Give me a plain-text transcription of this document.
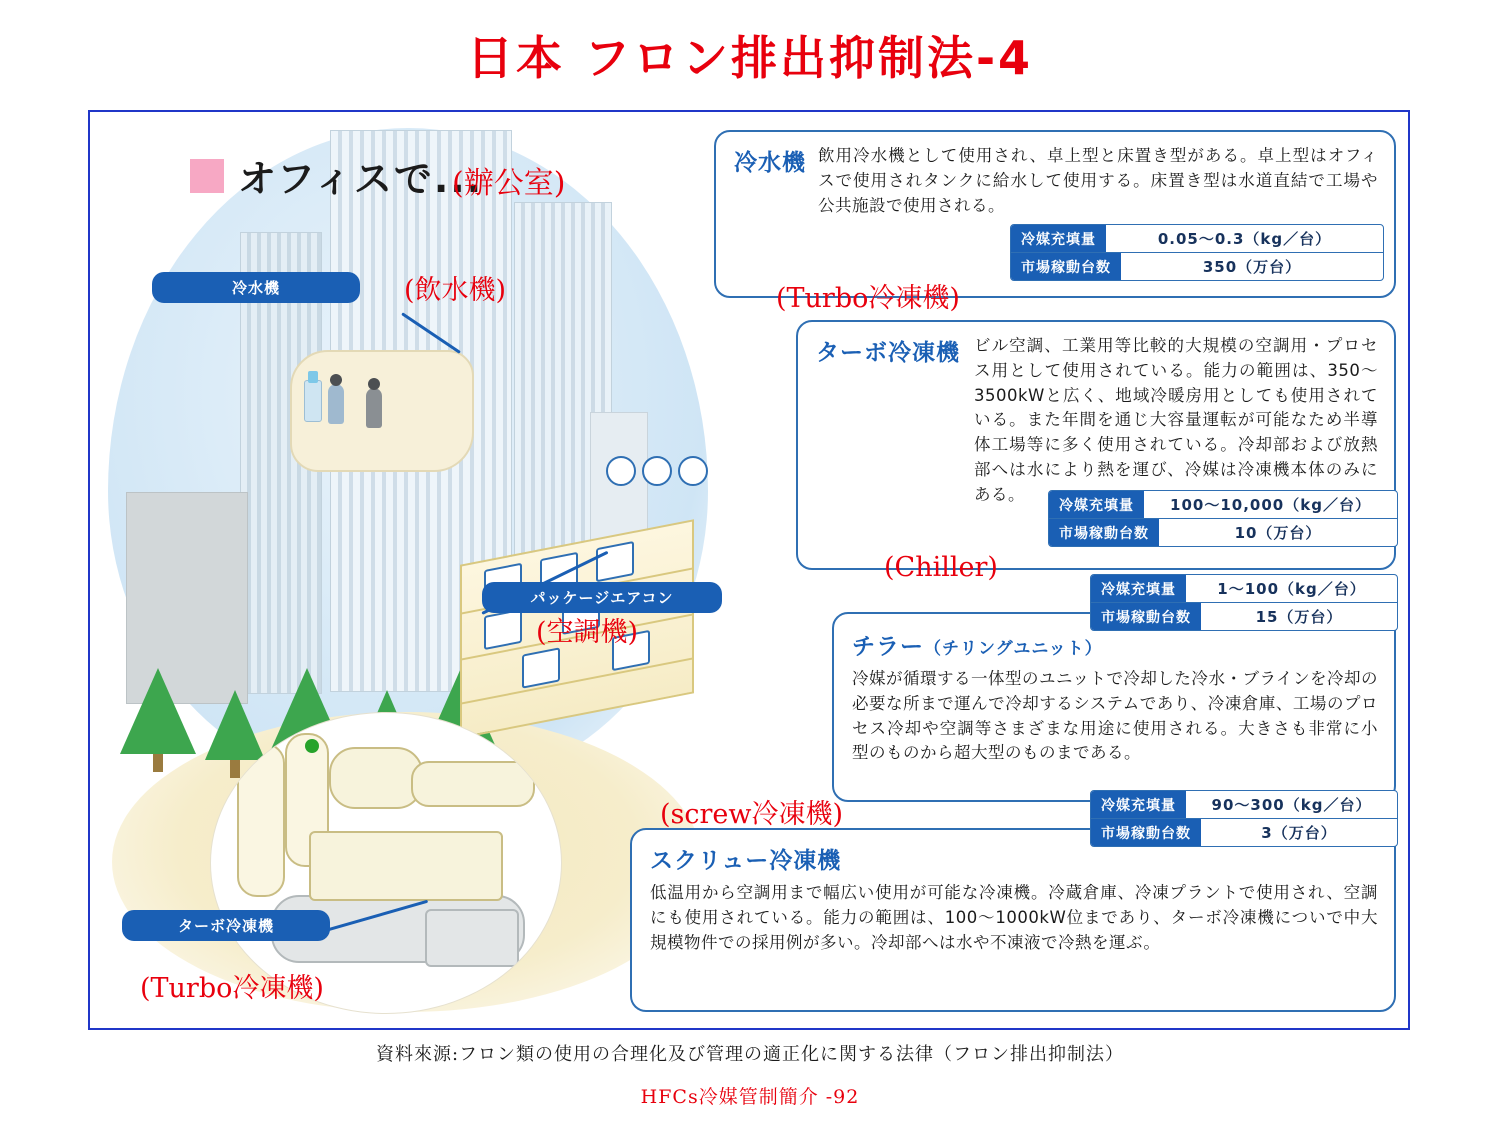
日本 フロン排出抑制法-4
オフィスで...
冷水機
パッケージエアコン
ターボ冷凍機
冷水機 飲用冷水機として使用され、卓上型と床置き型がある。卓上型はオフィスで使用されタンクに給水して使用する。床置き型は水道直結で工場や公共施設で使用される。
冷媒充填量	0.05～0.3（kg／台）
市場稼動台数	350（万台）
ターボ冷凍機 ビル空調、工業用等比較的大規模の空調用・プロセス用として使用されている。能力の範囲は、350～3500kWと広く、地域冷暖房用としても使用されている。また年間を通じ大容量運転が可能なため半導体工場等に多く使用されている。冷却部および放熱部へは水により熱を運び、冷媒は冷凍機本体のみにある。
冷媒充填量	100～10,000（kg／台）
市場稼動台数	10（万台）
チラー（チリングユニット）
冷媒が循環する一体型のユニットで冷却した冷水・ブラインを冷却の必要な所まで運んで冷却するシステムであり、冷凍倉庫、工場のプロセス冷却や空調等さまざまな用途に使用される。大きさも非常に小型のものから超大型のものまである。
冷媒充填量	1～100（kg／台）
市場稼動台数	15（万台）
スクリュー冷凍機
低温用から空調用まで幅広い使用が可能な冷凍機。冷蔵倉庫、冷凍プラントで使用され、空調にも使用されている。能力の範囲は、100～1000kW位まであり、ターボ冷凍機についで中大規模物件での採用例が多い。冷却部へは水や不凍液で冷熱を運ぶ。
冷媒充填量	90～300（kg／台）
市場稼動台数	3（万台）
(辦公室)
(飲水機)
(空調機)
(Turbo冷凍機)
(Turbo冷凍機)
(Chiller)
(screw冷凍機)
資料來源:フロン類の使用の合理化及び管理の適正化に関する法律（フロン排出抑制法）
HFCs冷媒管制簡介 -92
